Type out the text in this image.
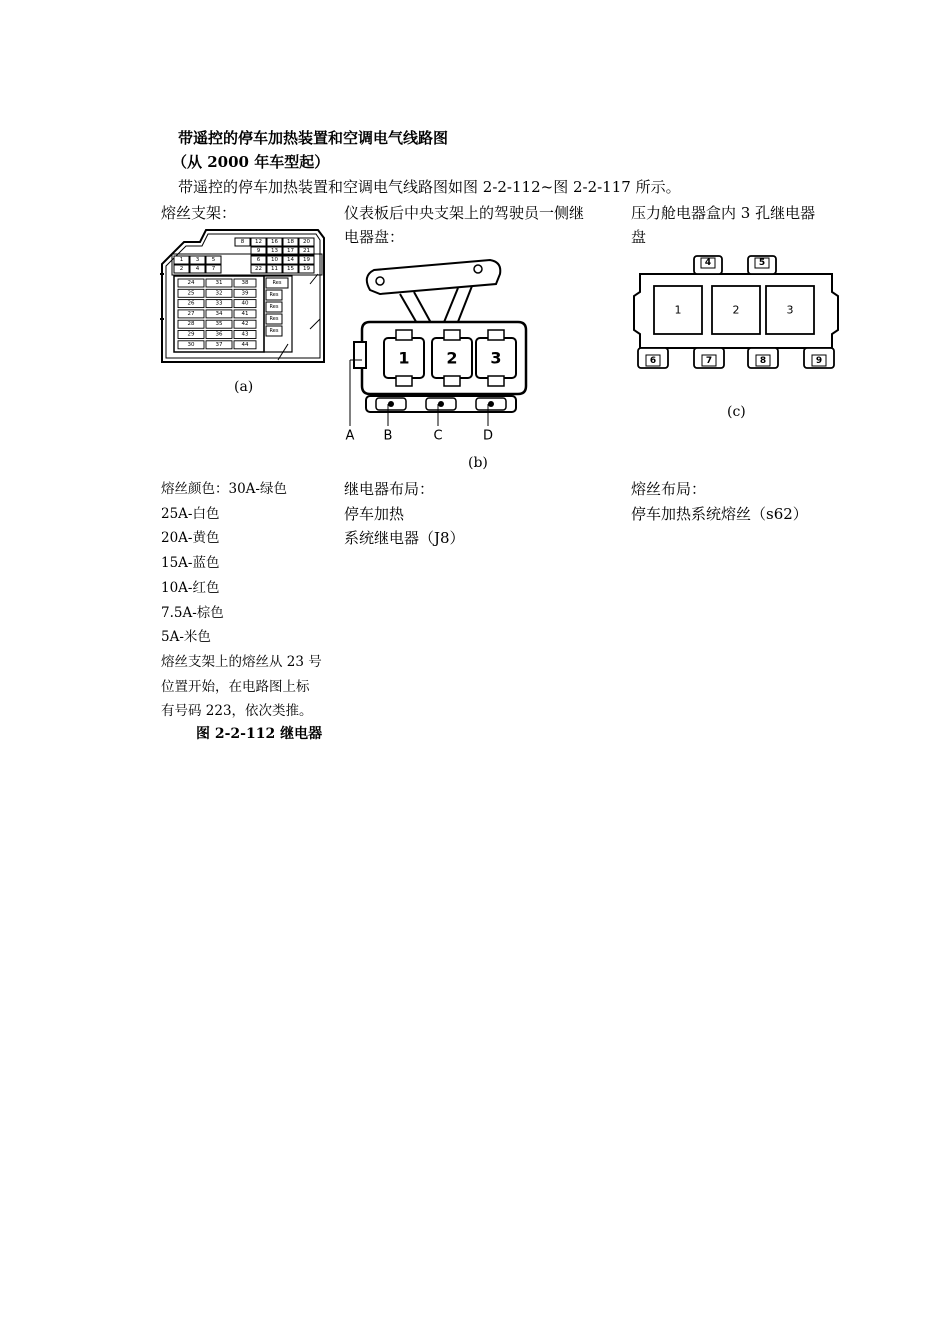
带遥控的停车加热装置和空调电气线路图
（从 2000 年车型起）
带遥控的停车加热装置和空调电气线路图如图 2-2-112~图 2-2-117 所示。
熔丝支架：	仪表板后中央支架上的驾驶员一侧继
电器盘：
压力舱电器盒内 3 孔继电器
盘
8 12 16 18 20
9 13 17 21
6 10 14 19
22 11 15 19
1 3 5
2 4 7
24	31	38
25	32	39
26	33	40
27	34	41
28	35	42
29	36	43
30	37	44
Res
Res
Res
Res
Res
(a)
1 2 3
A B	C	D
(b)
1	2	3
4	5
6	7	8	9
(c)
熔丝颜色：30A-绿色
25A-白色
20A-黄色
15A-蓝色
10A-红色
7.5A-棕色
5A-米色
熔丝支架上的熔丝从 23 号
位置开始，在电路图上标
有号码 223，依次类推。
图 2-2-112 继电器
继电器布局：
停车加热
系统继电器（J8）
熔丝布局：
停车加热系统熔丝（s62）
